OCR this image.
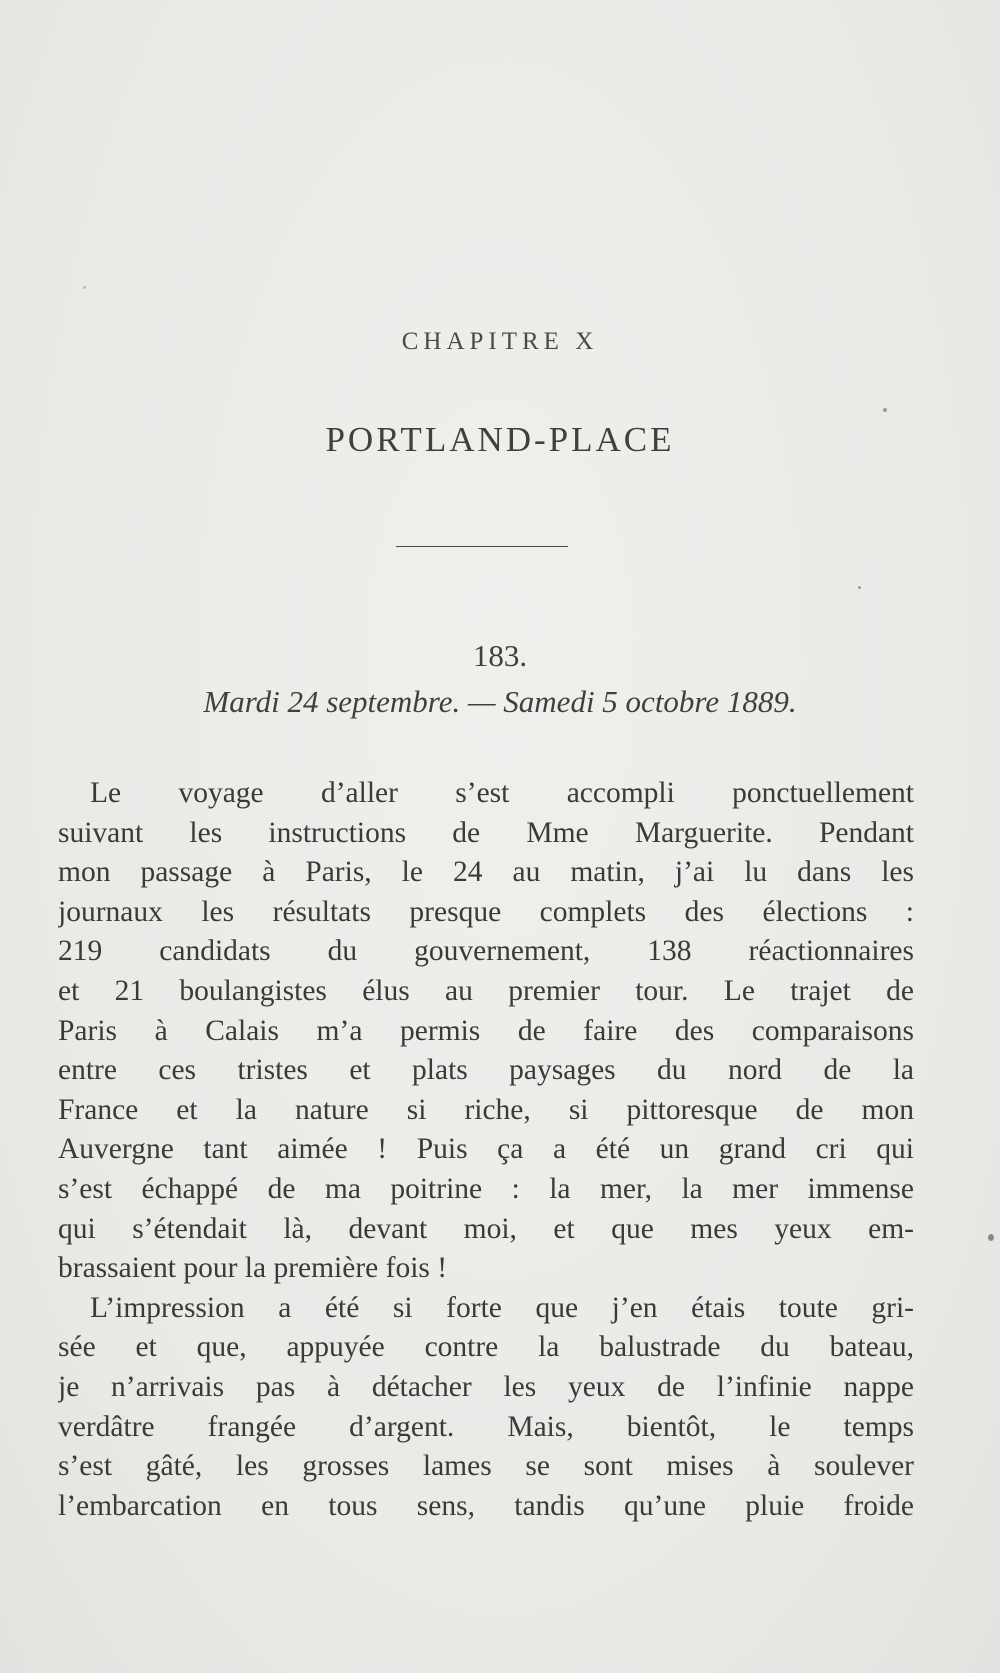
CHAPITRE X
PORTLAND-PLACE
183.
Mardi 24 septembre. — Samedi 5 octobre 1889.
Le voyage d’aller s’est accompli ponctuellement
suivant les instructions de Mme Marguerite. Pendant
mon passage à Paris, le 24 au matin, j’ai lu dans les
journaux les résultats presque complets des élections :
219 candidats du gouvernement, 138 réactionnaires
et 21 boulangistes élus au premier tour. Le trajet de
Paris à Calais m’a permis de faire des comparaisons
entre ces tristes et plats paysages du nord de la
France et la nature si riche, si pittoresque de mon
Auvergne tant aimée ! Puis ça a été un grand cri qui
s’est échappé de ma poitrine : la mer, la mer immense
qui s’étendait là, devant moi, et que mes yeux em-
brassaient pour la première fois !
L’impression a été si forte que j’en étais toute gri-
sée et que, appuyée contre la balustrade du bateau,
je n’arrivais pas à détacher les yeux de l’infinie nappe
verdâtre frangée d’argent. Mais, bientôt, le temps
s’est gâté, les grosses lames se sont mises à soulever
l’embarcation en tous sens, tandis qu’une pluie froide
